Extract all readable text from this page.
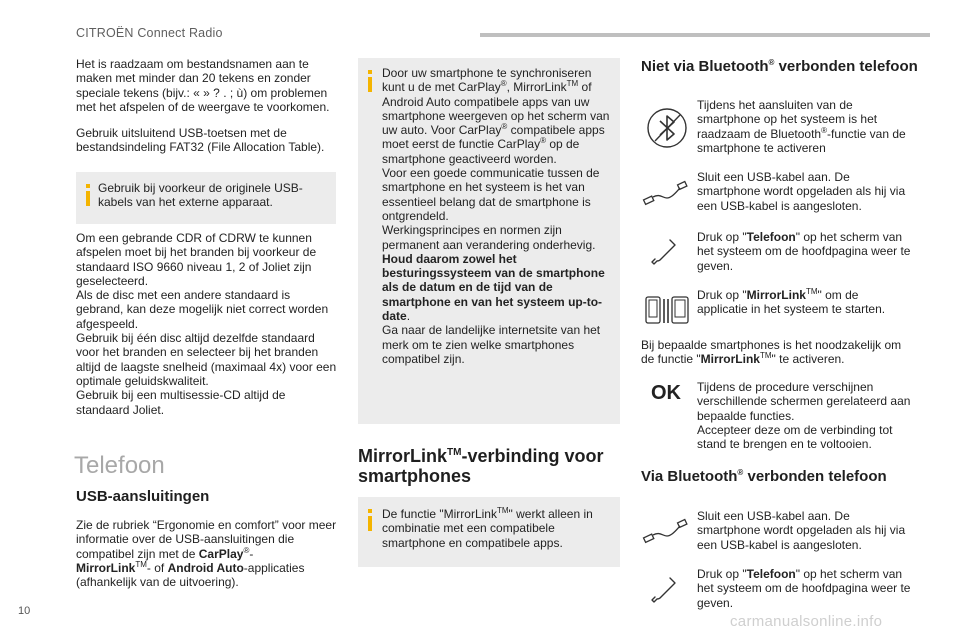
CITROËN Connect Radio

Het is raadzaam om bestandsnamen aan te maken met minder dan 20 tekens en zonder speciale tekens (bijv.: « » ? . ; ù) om problemen met het afspelen of de weergave te voorkomen.

Gebruik uitsluitend USB-toetsen met de bestandsindeling FAT32 (File Allocation Table).

Gebruik bij voorkeur de originele USB-kabels van het externe apparaat.

Om een gebrande CDR of CDRW te kunnen afspelen moet bij het branden bij voorkeur de standaard ISO 9660 niveau 1, 2 of Joliet zijn geselecteerd.

Als de disc met een andere standaard is gebrand, kan deze mogelijk niet correct worden afgespeeld.

Gebruik bij één disc altijd dezelfde standaard voor het branden en selecteer bij het branden altijd de laagste snelheid (maximaal 4x) voor een optimale geluidskwaliteit.

Gebruik bij een multisessie-CD altijd de standaard Joliet.

Telefoon
USB-aansluitingen

Zie de rubriek “Ergonomie en comfort” voor meer informatie over de USB-aansluitingen die compatibel zijn met de CarPlay®-
MirrorLink™- of Android Auto-applicaties (afhankelijk van de uitvoering).

Door uw smartphone te synchroniseren kunt u de met CarPlay®, MirrorLink™ of Android Auto compatibele apps van uw smartphone weergeven op het scherm van uw auto. Voor CarPlay® compatibele apps moet eerst de functie CarPlay® op de smartphone geactiveerd worden.
Voor een goede communicatie tussen de smartphone en het systeem is het van essentieel belang dat de smartphone is ontgrendeld.
Werkingsprincipes en normen zijn permanent aan verandering onderhevig. Houd daarom zowel het besturingssysteem van de smartphone als de datum en de tijd van de smartphone en van het systeem up-to-date.
Ga naar de landelijke internetsite van het merk om te zien welke smartphones compatibel zijn.

MirrorLink™-verbinding voor smartphones

De functie "MirrorLink™" werkt alleen in combinatie met een compatibele smartphone en compatibele apps.

Niet via Bluetooth® verbonden telefoon

Tijdens het aansluiten van de smartphone op het systeem is het raadzaam de Bluetooth®-functie van de smartphone te activeren

Sluit een USB-kabel aan. De smartphone wordt opgeladen als hij via een USB-kabel is aangesloten.

Druk op "Telefoon" op het scherm van het systeem om de hoofdpagina weer te geven.

Druk op "MirrorLink™" om de applicatie in het systeem te starten.

Bij bepaalde smartphones is het noodzakelijk om de functie "MirrorLink™" te activeren.

OK Tijdens de procedure verschijnen verschillende schermen gerelateerd aan bepaalde functies.

Accepteer deze om de verbinding tot stand te brengen en te voltooien.

Via Bluetooth® verbonden telefoon

Sluit een USB-kabel aan. De smartphone wordt opgeladen als hij via een USB-kabel is aangesloten.

Druk op "Telefoon" op het scherm van het systeem om de hoofdpagina weer te geven.

10
carmanualsonline.info
